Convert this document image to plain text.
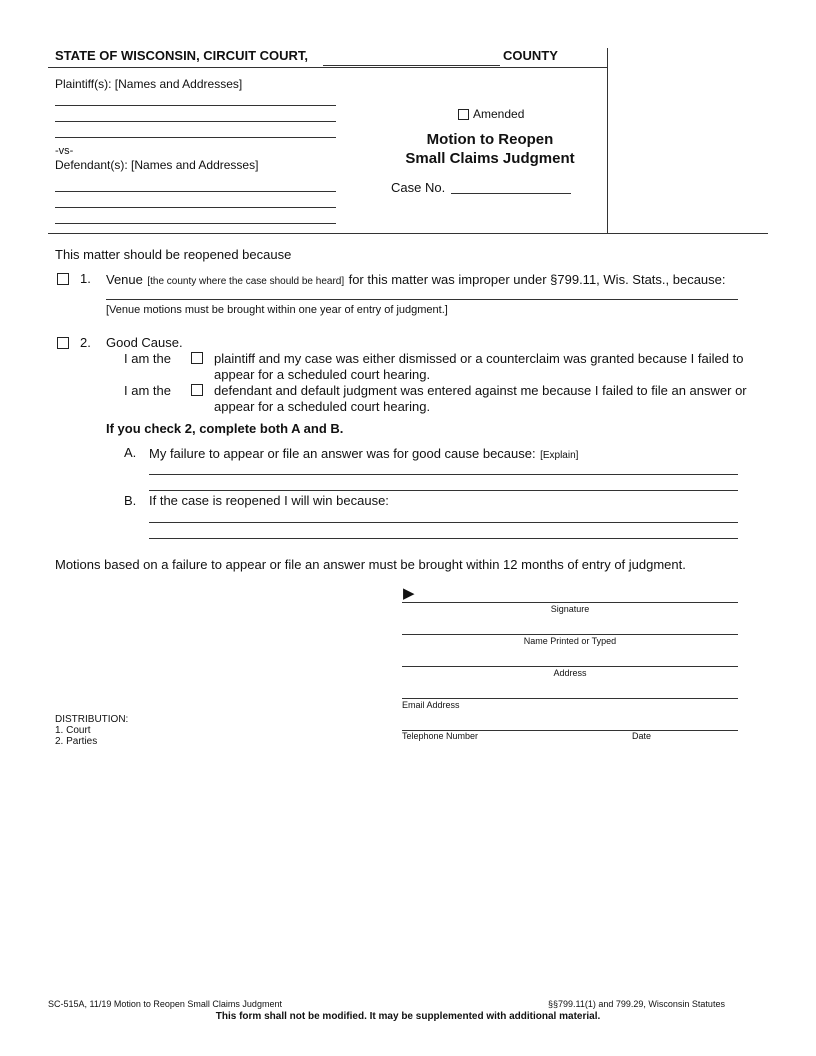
STATE OF WISCONSIN, CIRCUIT COURT,	COUNTY
Plaintiff(s): [Names and Addresses]
-vs-
Defendant(s): [Names and Addresses]
Amended
Motion to Reopen
Small Claims Judgment
Case No.
This matter should be reopened because
1. Venue [the county where the case should be heard] for this matter was improper under §799.11, Wis. Stats., because:
[Venue motions must be brought within one year of entry of judgment.]
2. Good Cause.
I am the	plaintiff and my case was either dismissed or a counterclaim was granted because I failed to
appear for a scheduled court hearing.
I am the	defendant and default judgment was entered against me because I failed to file an answer or
appear for a scheduled court hearing.
If you check 2, complete both A and B.
A. My failure to appear or file an answer was for good cause because: [Explain]
B. If the case is reopened I will win because:
Motions based on a failure to appear or file an answer must be brought within 12 months of entry of judgment.
▶
Signature
Name Printed or Typed
Address
Email Address
Telephone Number	Date
DISTRIBUTION:
1. Court
2. Parties
SC-515A, 11/19 Motion to Reopen Small Claims Judgment	§§799.11(1) and 799.29, Wisconsin Statutes
This form shall not be modified. It may be supplemented with additional material.
